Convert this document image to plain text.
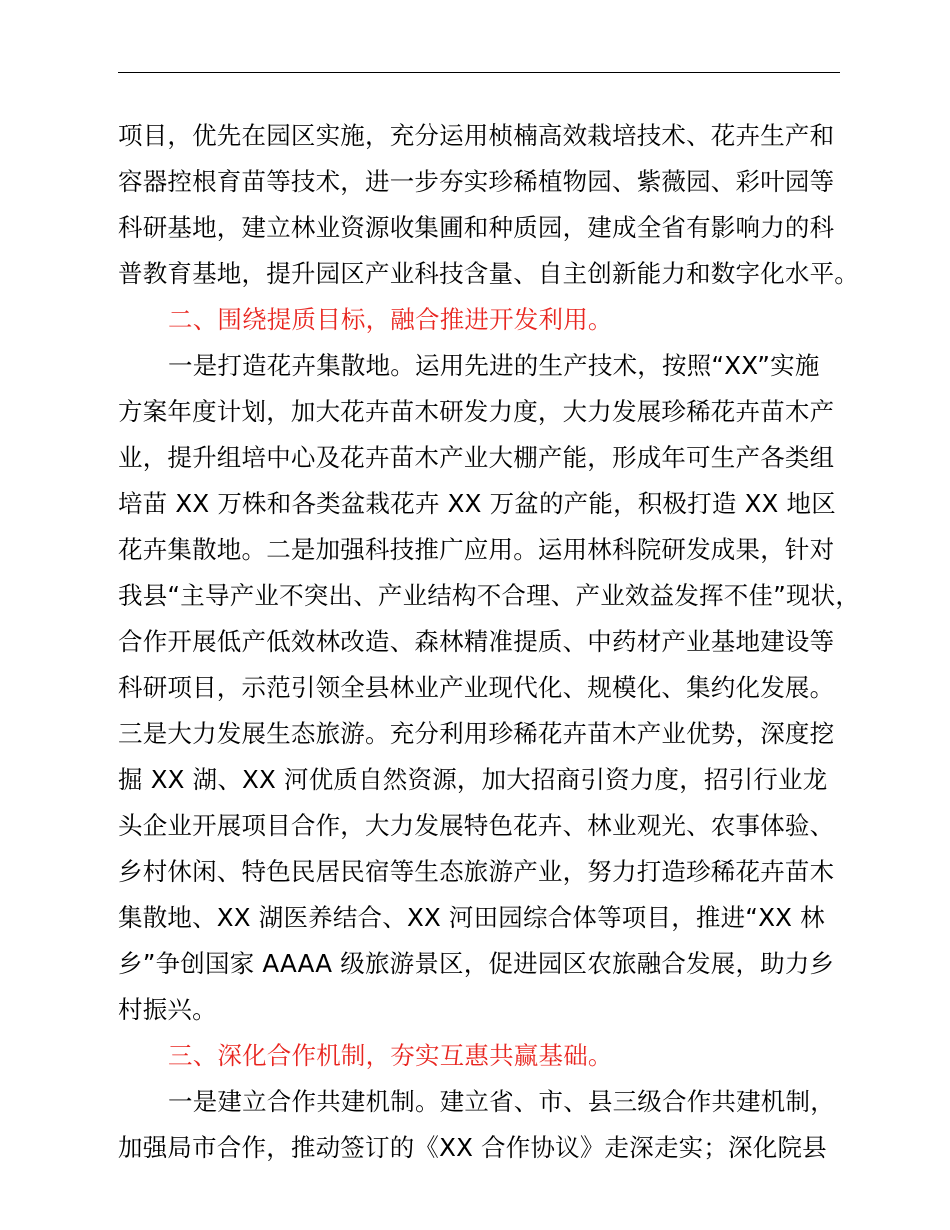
项目，优先在园区实施，充分运用桢楠高效栽培技术、花卉生产和
容器控根育苗等技术，进一步夯实珍稀植物园、紫薇园、彩叶园等
科研基地，建立林业资源收集圃和种质园，建成全省有影响力的科
普教育基地，提升园区产业科技含量、自主创新能力和数字化水平。
二、围绕提质目标，融合推进开发利用。
一是打造花卉集散地。运用先进的生产技术，按照“XX”实施
方案年度计划，加大花卉苗木研发力度，大力发展珍稀花卉苗木产
业，提升组培中心及花卉苗木产业大棚产能，形成年可生产各类组
培苗 XX 万株和各类盆栽花卉 XX 万盆的产能，积极打造 XX 地区
花卉集散地。二是加强科技推广应用。运用林科院研发成果，针对
我县“主导产业不突出、产业结构不合理、产业效益发挥不佳”现状，
合作开展低产低效林改造、森林精准提质、中药材产业基地建设等
科研项目，示范引领全县林业产业现代化、规模化、集约化发展。
三是大力发展生态旅游。充分利用珍稀花卉苗木产业优势，深度挖
掘 XX 湖、XX 河优质自然资源，加大招商引资力度，招引行业龙
头企业开展项目合作，大力发展特色花卉、林业观光、农事体验、
乡村休闲、特色民居民宿等生态旅游产业，努力打造珍稀花卉苗木
集散地、XX 湖医养结合、XX 河田园综合体等项目，推进“XX 林
乡”争创国家 AAAA 级旅游景区，促进园区农旅融合发展，助力乡
村振兴。
三、深化合作机制，夯实互惠共赢基础。
一是建立合作共建机制。建立省、市、县三级合作共建机制，
加强局市合作，推动签订的《XX 合作协议》走深走实；深化院县
